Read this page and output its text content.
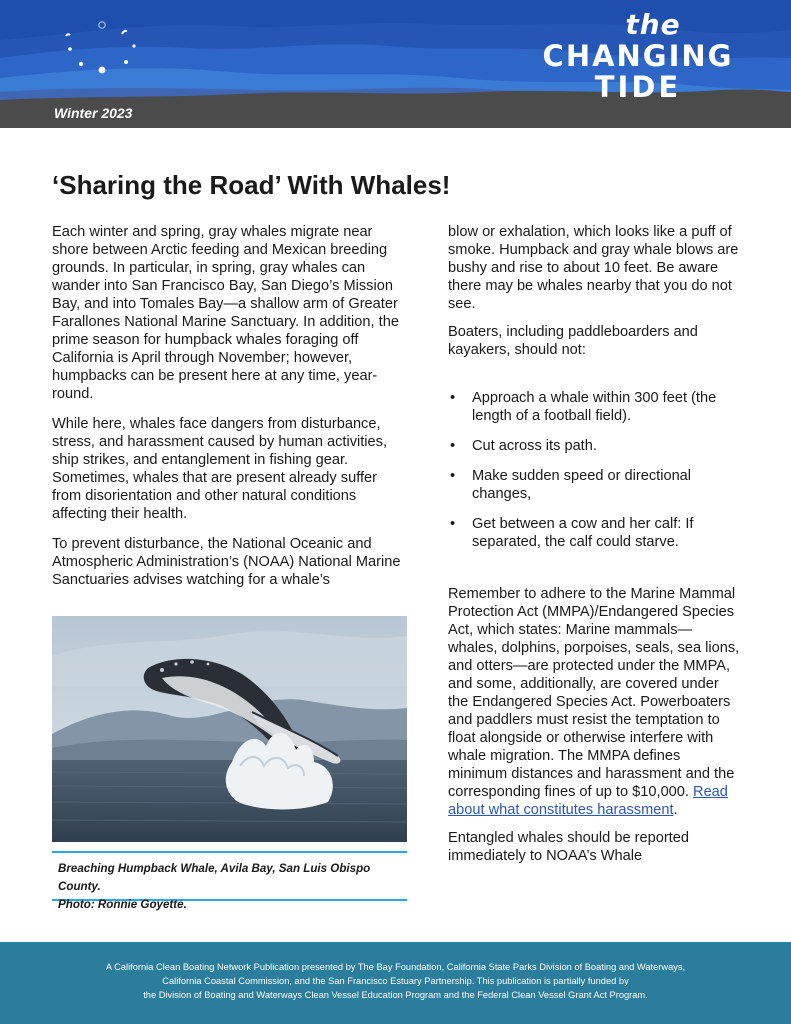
Winter 2023
the
CHANGING
TIDE
‘Sharing the Road’ With Whales!

Each winter and spring, gray whales migrate near shore between Arctic feeding and Mexican breeding grounds. In particular, in spring, gray whales can wander into San Francisco Bay, San Diego’s Mission Bay, and into Tomales Bay—a shallow arm of Greater Farallones National Marine Sanctuary. In addition, the prime season for humpback whales foraging off California is April through November; however, humpbacks can be present here at any time, year-round.

While here, whales face dangers from disturbance, stress, and harassment caused by human activities, ship strikes, and entanglement in fishing gear. Sometimes, whales that are present already suffer from disorientation and other natural conditions affecting their health.

To prevent disturbance, the National Oceanic and Atmospheric Administration’s (NOAA) National Marine Sanctuaries advises watching for a whale’s

Breaching Humpback Whale, Avila Bay, San Luis Obispo County.
Photo: Ronnie Goyette.

blow or exhalation, which looks like a puff of smoke. Humpback and gray whale blows are bushy and rise to about 10 feet. Be aware there may be whales nearby that you do not see.

Boaters, including paddleboarders and kayakers, should not:

• Approach a whale within 300 feet (the length of a football field).
• Cut across its path.
• Make sudden speed or directional changes,
• Get between a cow and her calf: If separated, the calf could starve.

Remember to adhere to the Marine Mammal Protection Act (MMPA)/Endangered Species Act, which states: Marine mammals—whales, dolphins, porpoises, seals, sea lions, and otters—are protected under the MMPA, and some, additionally, are covered under the Endangered Species Act. Powerboaters and paddlers must resist the temptation to float alongside or otherwise interfere with whale migration. The MMPA defines minimum distances and harassment and the corresponding fines of up to $10,000. Read about what constitutes harassment.

Entangled whales should be reported immediately to NOAA’s Whale

A California Clean Boating Network Publication presented by The Bay Foundation, California State Parks Division of Boating and Waterways,
California Coastal Commission, and the San Francisco Estuary Partnership. This publication is partially funded by
the Division of Boating and Waterways Clean Vessel Education Program and the Federal Clean Vessel Grant Act Program.
